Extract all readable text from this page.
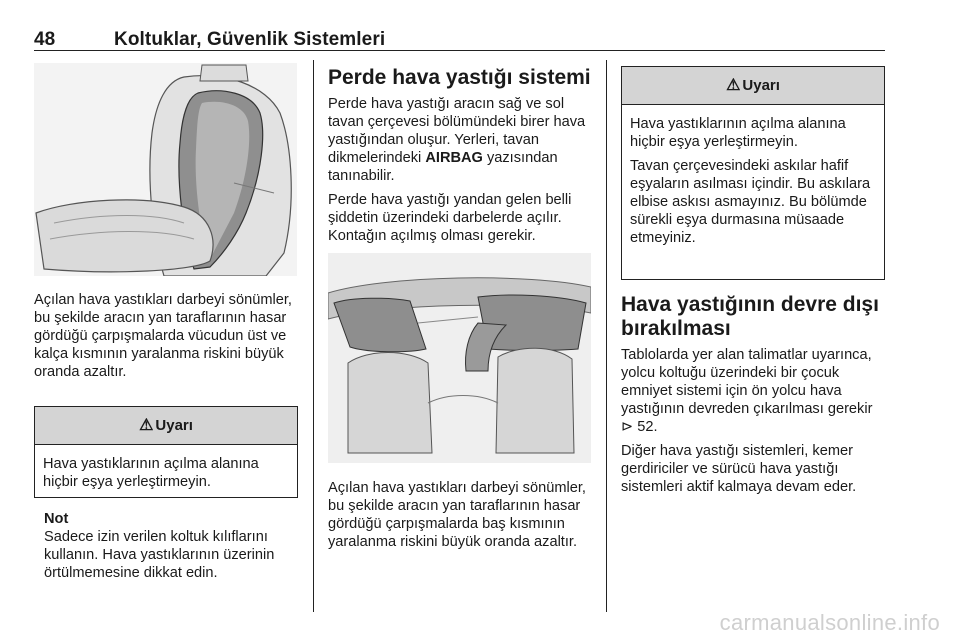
48	Koltuklar, Güvenlik Sistemleri

Açılan hava yastıkları darbeyi sönümler, bu şekilde aracın yan taraflarının hasar gördüğü çarpışmalarda vücudun üst ve kalça kısmının yaralanma riskini büyük oranda azaltır.

⚠ Uyarı

Hava yastıklarının açılma alanına hiçbir eşya yerleştirmeyin.

Not
Sadece izin verilen koltuk kılıflarını kullanın. Hava yastıklarının üzerinin örtülmemesine dikkat edin.
Perde hava yastığı sistemi

Perde hava yastığı aracın sağ ve sol tavan çerçevesi bölümündeki birer hava yastığından oluşur. Yerleri, tavan dikmelerindeki AIRBAG yazısından tanınabilir.

Perde hava yastığı yandan gelen belli şiddetin üzerindeki darbelerde açılır. Kontağın açılmış olması gerekir.

Açılan hava yastıkları darbeyi sönümler, bu şekilde aracın yan taraflarının hasar gördüğü çarpışmalarda baş kısmının yaralanma riskini büyük oranda azaltır.

⚠ Uyarı

Hava yastıklarının açılma alanına hiçbir eşya yerleştirmeyin.

Tavan çerçevesindeki askılar hafif eşyaların asılması içindir. Bu askılara elbise askısı asmayınız. Bu bölümde sürekli eşya durmasına müsaade etmeyiniz.

Hava yastığının devre dışı bırakılması

Tablolarda yer alan talimatlar uyarınca, yolcu koltuğu üzerindeki bir çocuk emniyet sistemi için ön yolcu hava yastığının devreden çıkarılması gerekir ⊳ 52.

Diğer hava yastığı sistemleri, kemer gerdiriciler ve sürücü hava yastığı sistemleri aktif kalmaya devam eder.

carmanualsonline.info
